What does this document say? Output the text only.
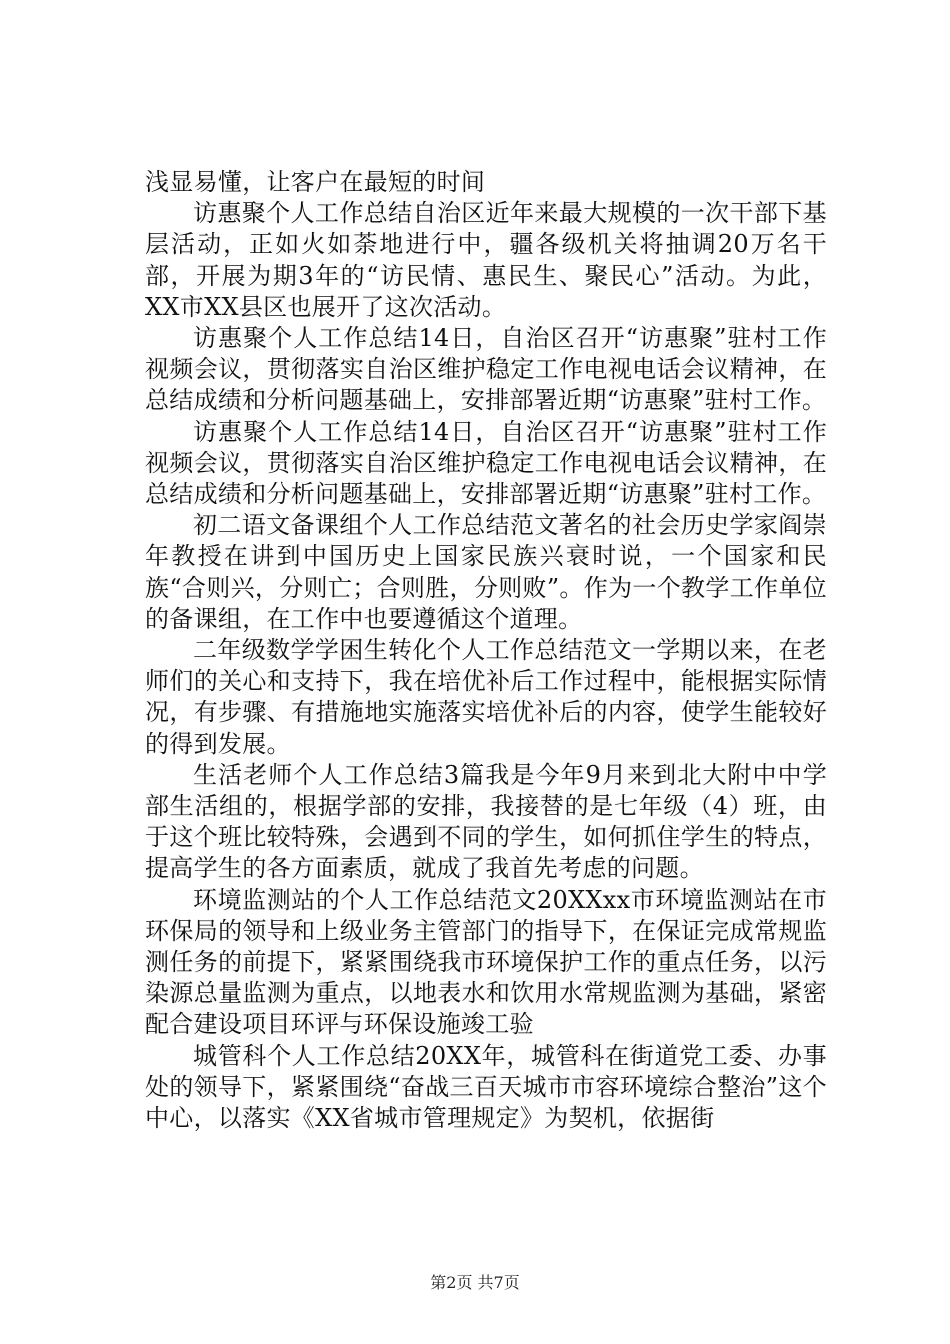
浅显易懂，让客户在最短的时间

访惠聚个人工作总结自治区近年来最大规模的一次干部下基层活动，正如火如荼地进行中，疆各级机关将抽调20万名干部，开展为期3年的“访民情、惠民生、聚民心”活动。为此，XX市XX县区也展开了这次活动。

访惠聚个人工作总结14日，自治区召开“访惠聚”驻村工作视频会议，贯彻落实自治区维护稳定工作电视电话会议精神，在总结成绩和分析问题基础上，安排部署近期“访惠聚”驻村工作。

访惠聚个人工作总结14日，自治区召开“访惠聚”驻村工作视频会议，贯彻落实自治区维护稳定工作电视电话会议精神，在总结成绩和分析问题基础上，安排部署近期“访惠聚”驻村工作。

初二语文备课组个人工作总结范文著名的社会历史学家阎崇年教授在讲到中国历史上国家民族兴衰时说，一个国家和民族“合则兴，分则亡；合则胜，分则败”。作为一个教学工作单位的备课组，在工作中也要遵循这个道理。

二年级数学学困生转化个人工作总结范文一学期以来，在老师们的关心和支持下，我在培优补后工作过程中，能根据实际情况，有步骤、有措施地实施落实培优补后的内容，使学生能较好的得到发展。

生活老师个人工作总结3篇我是今年9月来到北大附中中学部生活组的，根据学部的安排，我接替的是七年级（4）班，由于这个班比较特殊，会遇到不同的学生，如何抓住学生的特点，提高学生的各方面素质，就成了我首先考虑的问题。

环境监测站的个人工作总结范文20XXxx市环境监测站在市环保局的领导和上级业务主管部门的指导下，在保证完成常规监测任务的前提下，紧紧围绕我市环境保护工作的重点任务，以污染源总量监测为重点，以地表水和饮用水常规监测为基础，紧密配合建设项目环评与环保设施竣工验

城管科个人工作总结20XX年，城管科在街道党工委、办事处的领导下，紧紧围绕“奋战三百天城市市容环境综合整治”这个中心，以落实《XX省城市管理规定》为契机，依据街

第2页 共7页
